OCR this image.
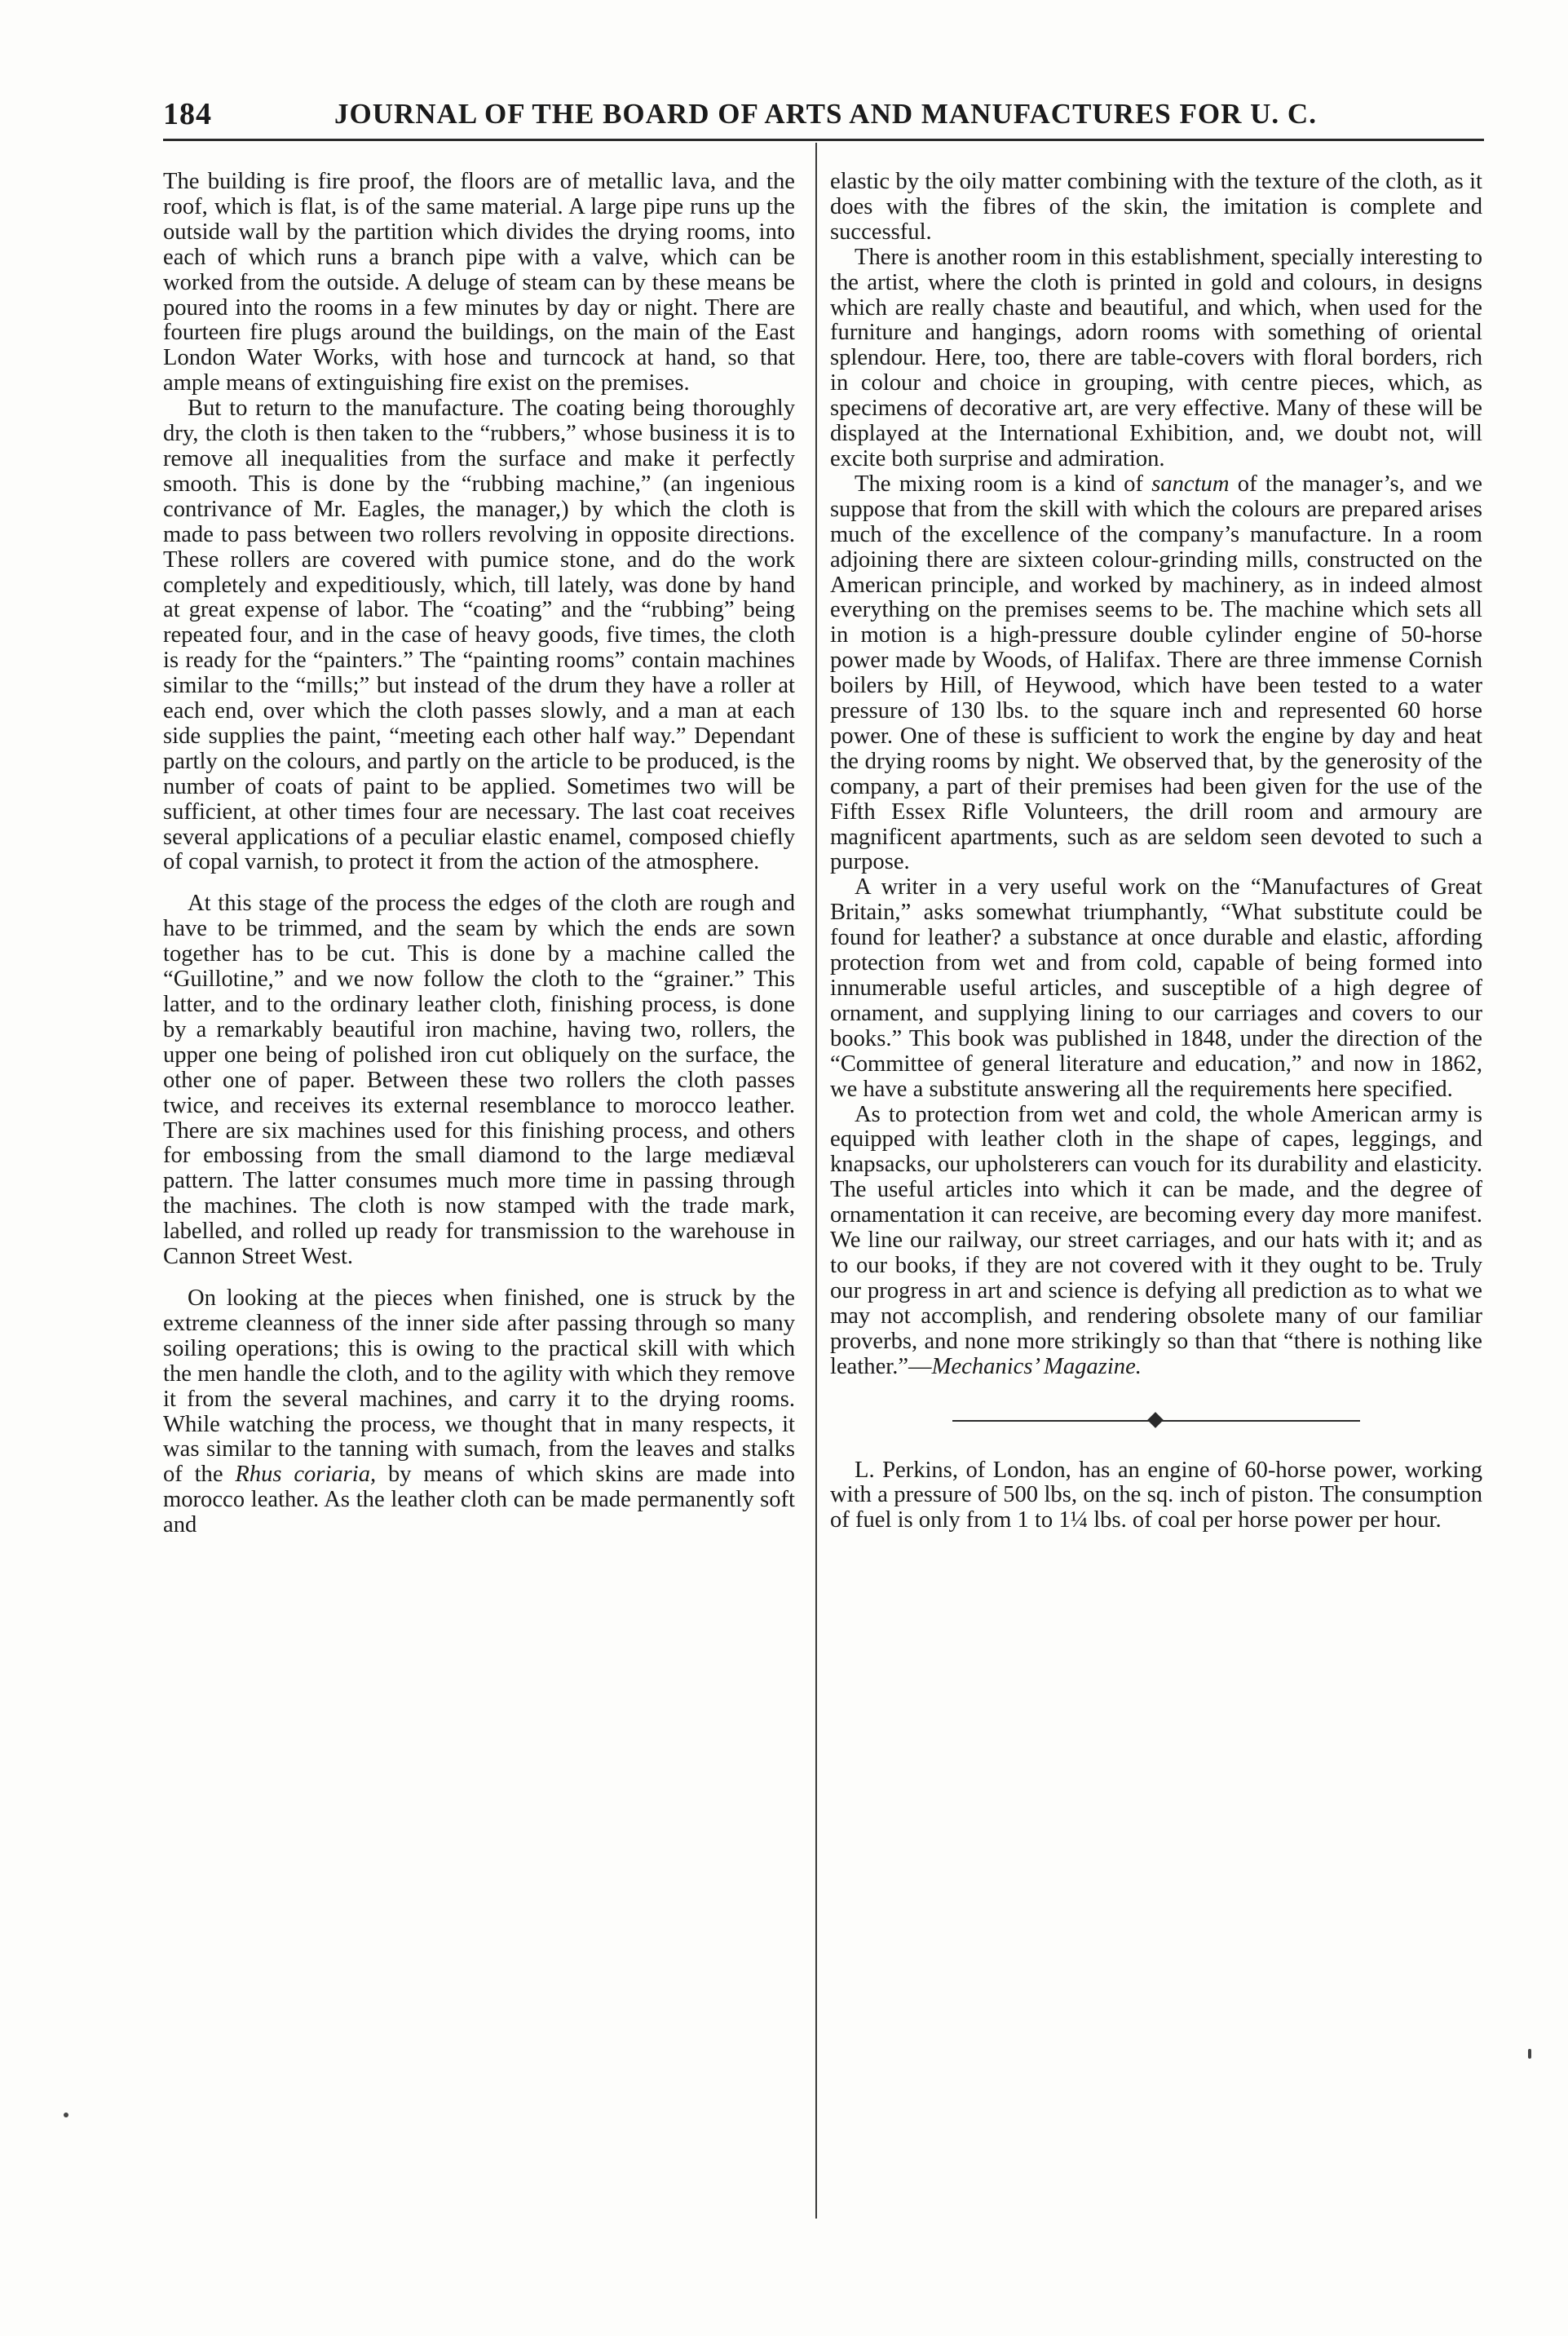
184	JOURNAL OF THE BOARD OF ARTS AND MANUFACTURES FOR U. C.

The building is fire proof, the floors are of metallic lava, and the roof, which is flat, is of the same material. A large pipe runs up the outside wall by the partition which divides the drying rooms, into each of which runs a branch pipe with a valve, which can be worked from the outside. A deluge of steam can by these means be poured into the rooms in a few minutes by day or night. There are fourteen fire plugs around the buildings, on the main of the East London Water Works, with hose and turncock at hand, so that ample means of extinguishing fire exist on the premises.

But to return to the manufacture. The coating being thoroughly dry, the cloth is then taken to the “rubbers,” whose business it is to remove all inequalities from the surface and make it perfectly smooth. This is done by the “rubbing machine,” (an ingenious contrivance of Mr. Eagles, the manager,) by which the cloth is made to pass between two rollers revolving in opposite directions. These rollers are covered with pumice stone, and do the work completely and expeditiously, which, till lately, was done by hand at great expense of labor. The “coating” and the “rubbing” being repeated four, and in the case of heavy goods, five times, the cloth is ready for the “painters.” The “painting rooms” contain machines similar to the “mills;” but instead of the drum they have a roller at each end, over which the cloth passes slowly, and a man at each side supplies the paint, “meeting each other half way.” Dependant partly on the colours, and partly on the article to be produced, is the number of coats of paint to be applied. Sometimes two will be sufficient, at other times four are necessary. The last coat receives several applications of a peculiar elastic enamel, composed chiefly of copal varnish, to protect it from the action of the atmosphere.

At this stage of the process the edges of the cloth are rough and have to be trimmed, and the seam by which the ends are sown together has to be cut. This is done by a machine called the “Guillotine,” and we now follow the cloth to the “grainer.” This latter, and to the ordinary leather cloth, finishing process, is done by a remarkably beautiful iron machine, having two, rollers, the upper one being of polished iron cut obliquely on the surface, the other one of paper. Between these two rollers the cloth passes twice, and receives its external resemblance to morocco leather. There are six machines used for this finishing process, and others for embossing from the small diamond to the large mediæval pattern. The latter consumes much more time in passing through the machines. The cloth is now stamped with the trade mark, labelled, and rolled up ready for transmission to the warehouse in Cannon Street West.

On looking at the pieces when finished, one is struck by the extreme cleanness of the inner side after passing through so many soiling operations; this is owing to the practical skill with which the men handle the cloth, and to the agility with which they remove it from the several machines, and carry it to the drying rooms. While watching the process, we thought that in many respects, it was similar to the tanning with sumach, from the leaves and stalks of the Rhus coriaria, by means of which skins are made into morocco leather. As the leather cloth can be made permanently soft and

elastic by the oily matter combining with the texture of the cloth, as it does with the fibres of the skin, the imitation is complete and successful.

There is another room in this establishment, specially interesting to the artist, where the cloth is printed in gold and colours, in designs which are really chaste and beautiful, and which, when used for the furniture and hangings, adorn rooms with something of oriental splendour. Here, too, there are table-covers with floral borders, rich in colour and choice in grouping, with centre pieces, which, as specimens of decorative art, are very effective. Many of these will be displayed at the International Exhibition, and, we doubt not, will excite both surprise and admiration.

The mixing room is a kind of sanctum of the manager’s, and we suppose that from the skill with which the colours are prepared arises much of the excellence of the company’s manufacture. In a room adjoining there are sixteen colour-grinding mills, constructed on the American principle, and worked by machinery, as in indeed almost everything on the premises seems to be. The machine which sets all in motion is a high-pressure double cylinder engine of 50-horse power made by Woods, of Halifax. There are three immense Cornish boilers by Hill, of Heywood, which have been tested to a water pressure of 130 lbs. to the square inch and represented 60 horse power. One of these is sufficient to work the engine by day and heat the drying rooms by night. We observed that, by the generosity of the company, a part of their premises had been given for the use of the Fifth Essex Rifle Volunteers, the drill room and armoury are magnificent apartments, such as are seldom seen devoted to such a purpose.

A writer in a very useful work on the “Manufactures of Great Britain,” asks somewhat triumphantly, “What substitute could be found for leather? a substance at once durable and elastic, affording protection from wet and from cold, capable of being formed into innumerable useful articles, and susceptible of a high degree of ornament, and supplying lining to our carriages and covers to our books.” This book was published in 1848, under the direction of the “Committee of general literature and education,” and now in 1862, we have a substitute answering all the requirements here specified.

As to protection from wet and cold, the whole American army is equipped with leather cloth in the shape of capes, leggings, and knapsacks, our upholsterers can vouch for its durability and elasticity. The useful articles into which it can be made, and the degree of ornamentation it can receive, are becoming every day more manifest. We line our railway, our street carriages, and our hats with it; and as to our books, if they are not covered with it they ought to be. Truly our progress in art and science is defying all prediction as to what we may not accomplish, and rendering obsolete many of our familiar proverbs, and none more strikingly so than that “there is nothing like leather.”—Mechanics’ Magazine.

L. Perkins, of London, has an engine of 60-horse power, working with a pressure of 500 lbs, on the sq. inch of piston. The consumption of fuel is only from 1 to 1¼ lbs. of coal per horse power per hour.
